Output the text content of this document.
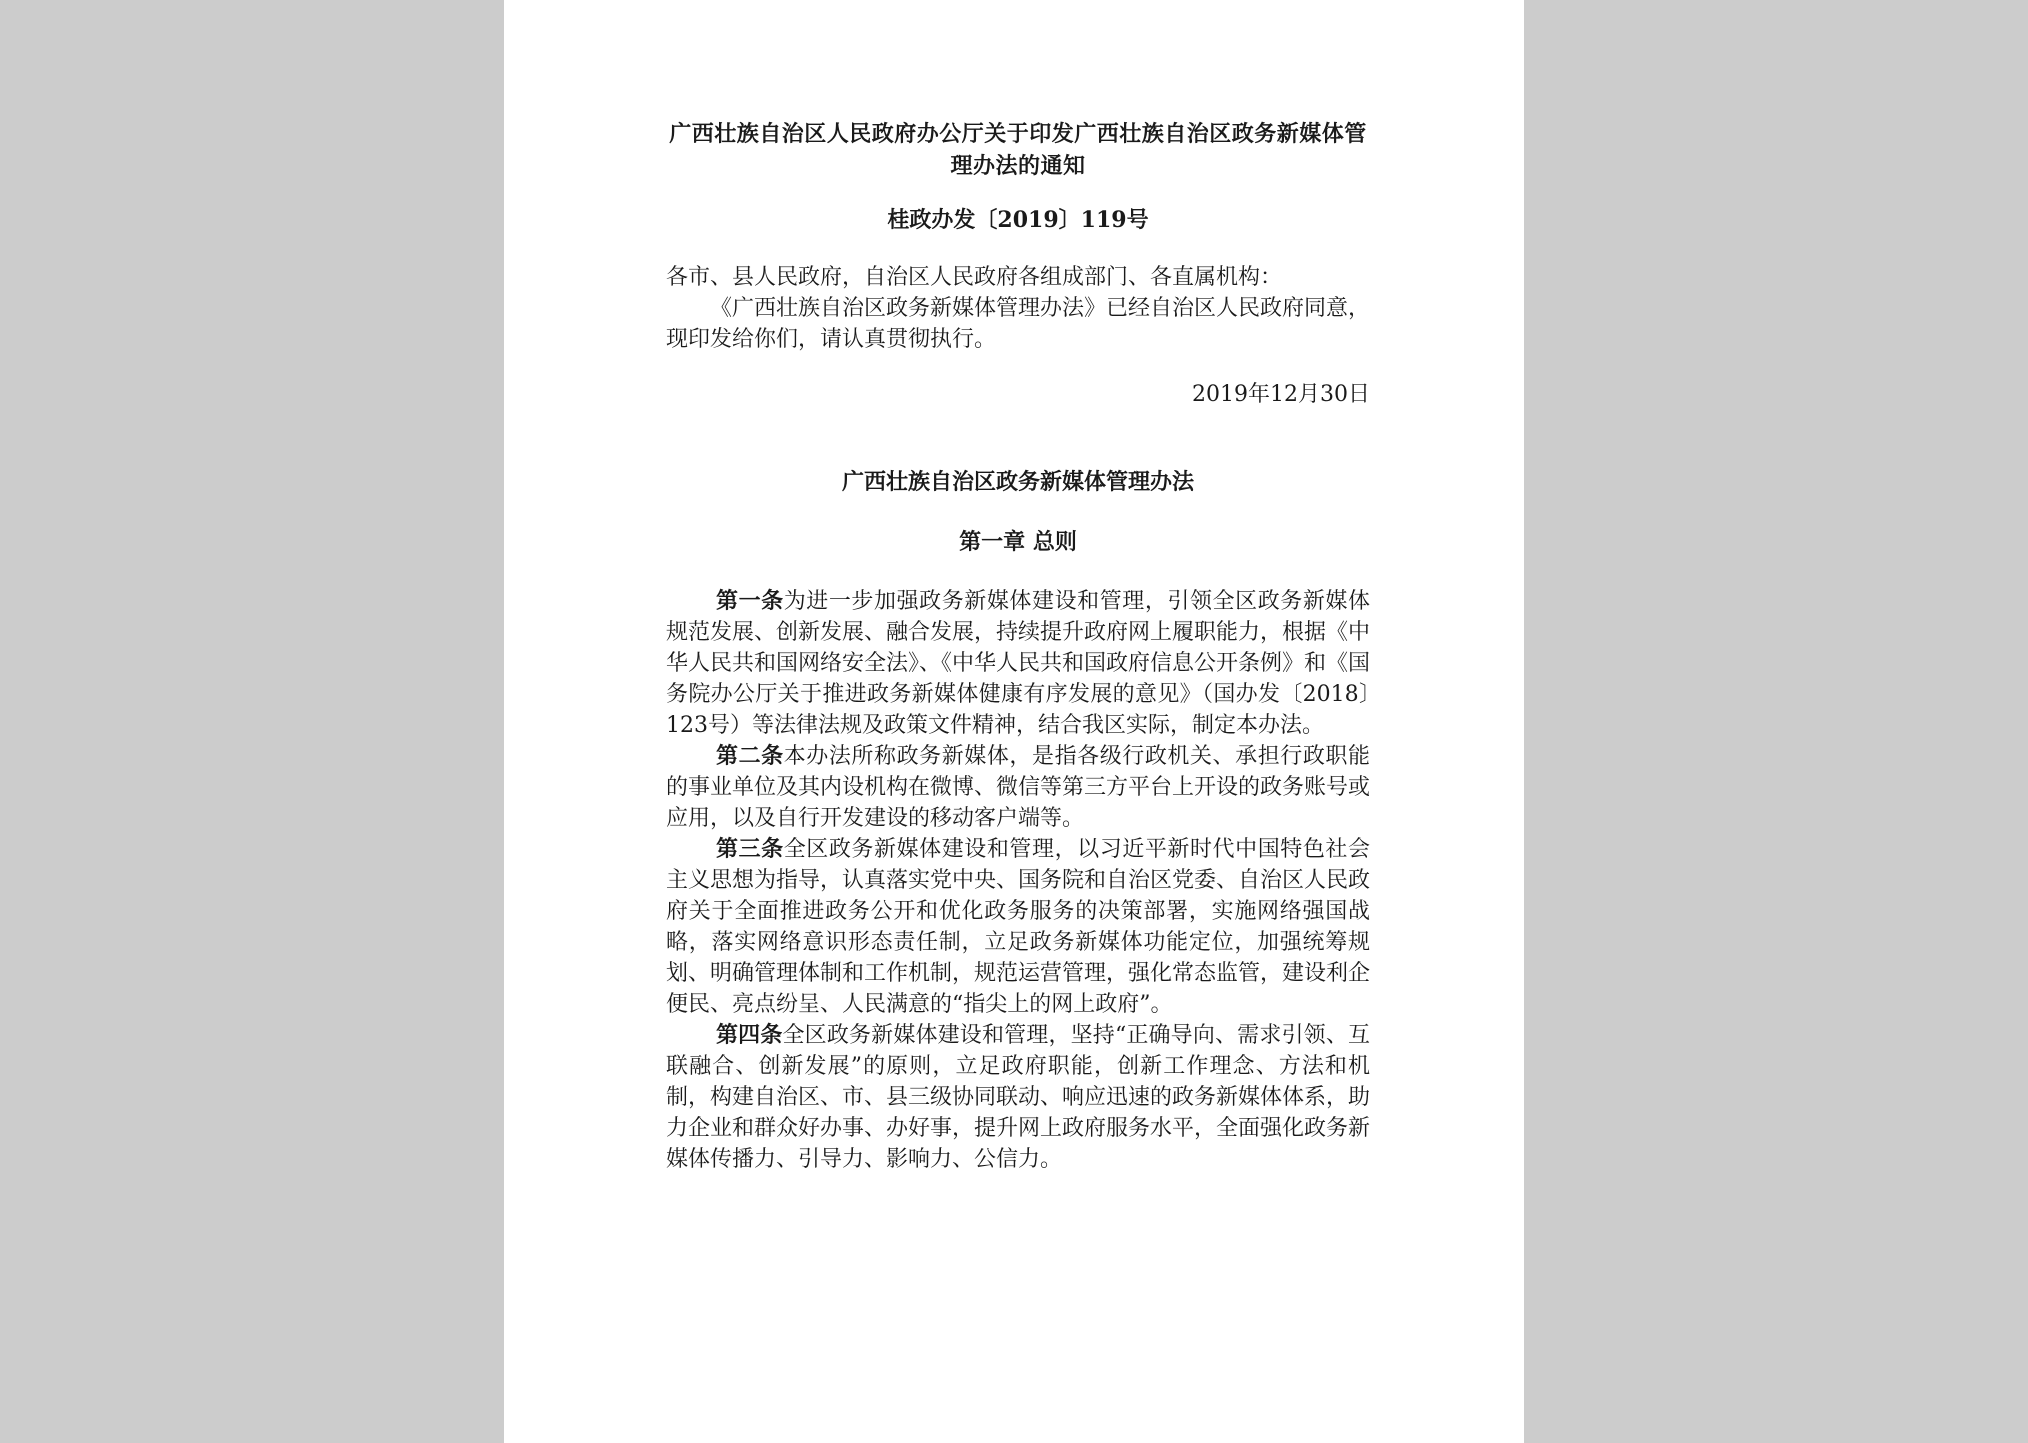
广西壮族自治区人民政府办公厅关于印发广西壮族自治区政务新媒体管理办法的通知

桂政办发〔2019〕119号

各市、县人民政府，自治区人民政府各组成部门、各直属机构：

《广西壮族自治区政务新媒体管理办法》已经自治区人民政府同意，现印发给你们，请认真贯彻执行。

2019年12月30日

广西壮族自治区政务新媒体管理办法
第一章 总则

第一条为进一步加强政务新媒体建设和管理，引领全区政务新媒体规范发展、创新发展、融合发展，持续提升政府网上履职能力，根据《中华人民共和国网络安全法》、《中华人民共和国政府信息公开条例》和《国务院办公厅关于推进政务新媒体健康有序发展的意见》（国办发〔2018〕123号）等法律法规及政策文件精神，结合我区实际，制定本办法。

第二条本办法所称政务新媒体，是指各级行政机关、承担行政职能的事业单位及其内设机构在微博、微信等第三方平台上开设的政务账号或应用，以及自行开发建设的移动客户端等。

第三条全区政务新媒体建设和管理，以习近平新时代中国特色社会主义思想为指导，认真落实党中央、国务院和自治区党委、自治区人民政府关于全面推进政务公开和优化政务服务的决策部署，实施网络强国战略，落实网络意识形态责任制，立足政务新媒体功能定位，加强统筹规划、明确管理体制和工作机制，规范运营管理，强化常态监管，建设利企便民、亮点纷呈、人民满意的“指尖上的网上政府”。

第四条全区政务新媒体建设和管理，坚持“正确导向、需求引领、互联融合、创新发展”的原则，立足政府职能，创新工作理念、方法和机制，构建自治区、市、县三级协同联动、响应迅速的政务新媒体体系，助力企业和群众好办事、办好事，提升网上政府服务水平，全面强化政务新媒体传播力、引导力、影响力、公信力。
